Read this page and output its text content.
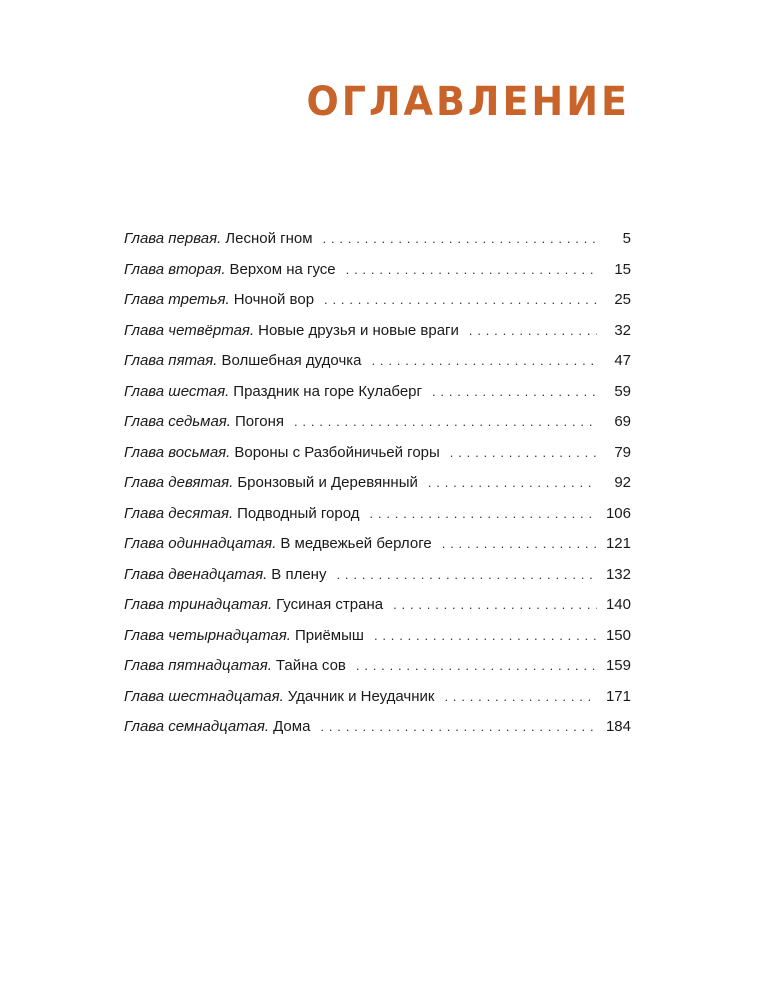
ОГЛАВЛЕНИЕ
Глава первая. Лесной гном . . .	5
Глава вторая. Верхом на гусе . . .	15
Глава третья. Ночной вор . . .	25
Глава четвёртая. Новые друзья и новые враги . . .	32
Глава пятая. Волшебная дудочка . . .	47
Глава шестая. Праздник на горе Кулаберг . . .	59
Глава седьмая. Погоня . . .	69
Глава восьмая. Вороны с Разбойничьей горы . . .	79
Глава девятая. Бронзовый и Деревянный . . .	92
Глава десятая. Подводный город . . .	106
Глава одиннадцатая. В медвежьей берлоге . . .	121
Глава двенадцатая. В плену . . .	132
Глава тринадцатая. Гусиная страна . . .	140
Глава четырнадцатая. Приёмыш . . .	150
Глава пятнадцатая. Тайна сов . . .	159
Глава шестнадцатая. Удачник и Неудачник . . .	171
Глава семнадцатая. Дома . . .	184
